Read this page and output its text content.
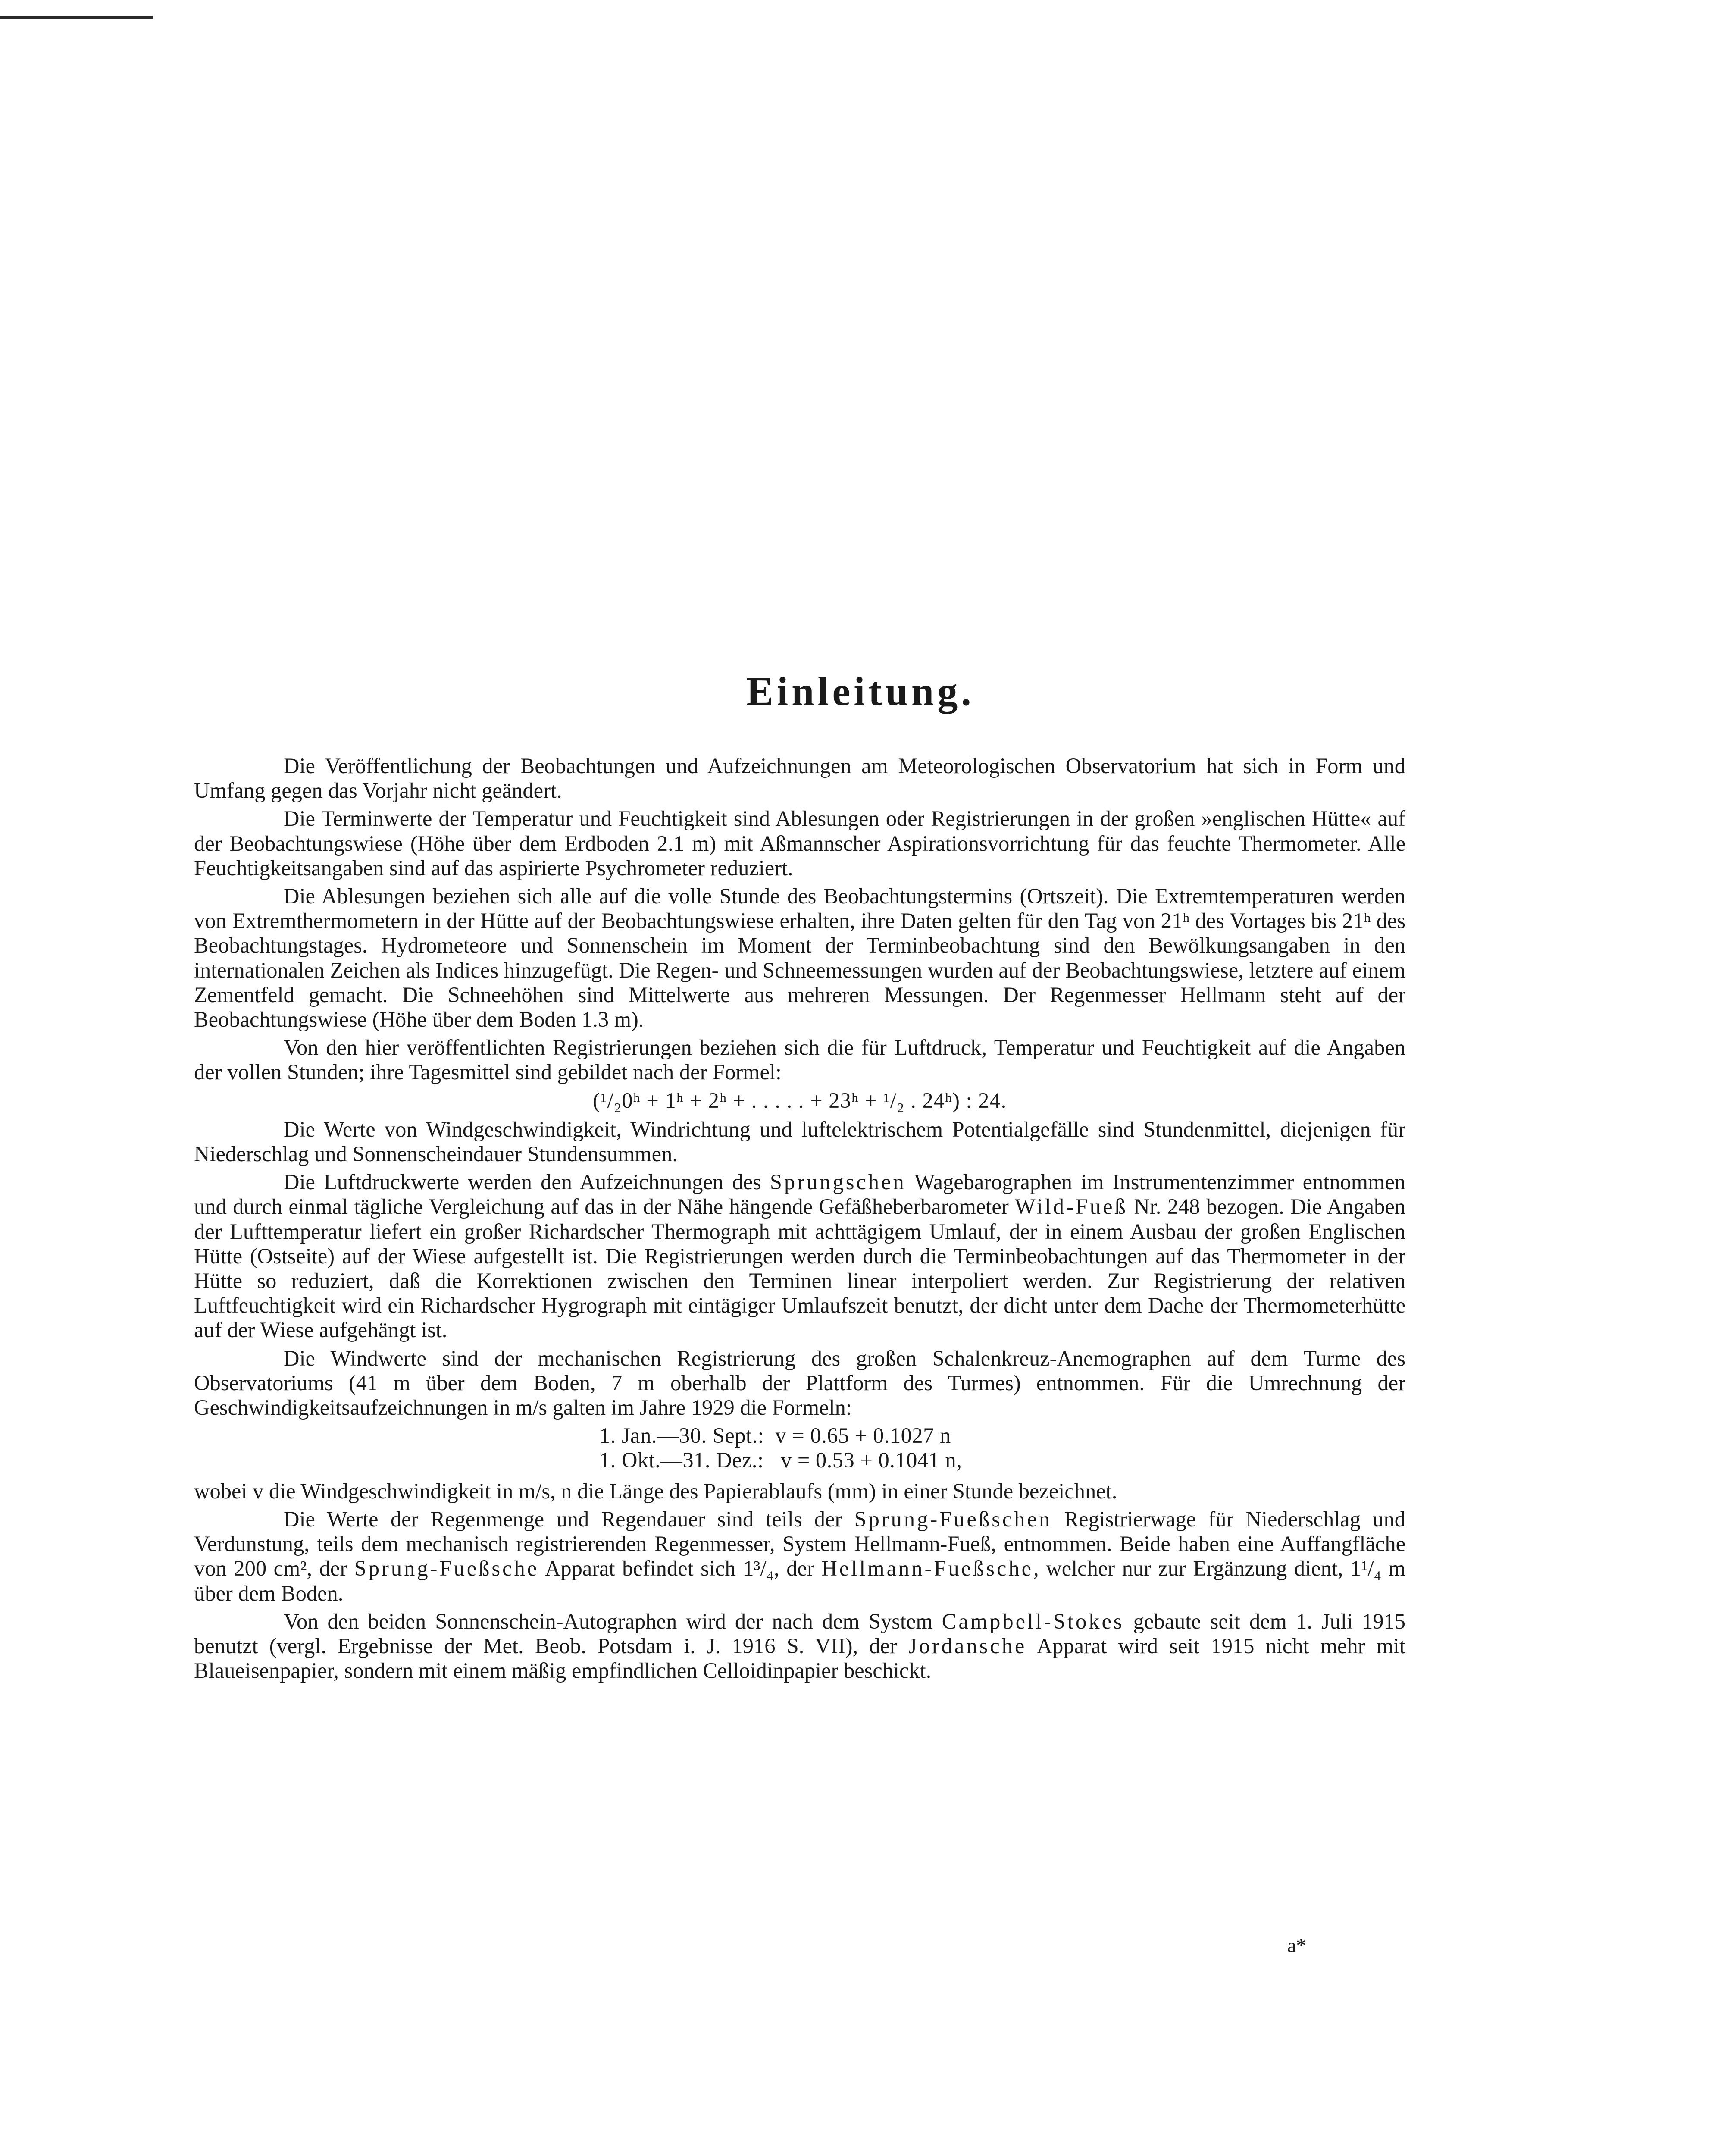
Einleitung.

Die Veröffentlichung der Beobachtungen und Aufzeichnungen am Meteorologischen Observatorium hat sich in Form und Umfang gegen das Vorjahr nicht geändert.

Die Terminwerte der Temperatur und Feuchtigkeit sind Ablesungen oder Registrierungen in der großen »englischen Hütte« auf der Beobachtungswiese (Höhe über dem Erdboden 2.1 m) mit Aßmannscher Aspirationsvorrichtung für das feuchte Thermometer. Alle Feuchtigkeitsangaben sind auf das aspirierte Psychrometer reduziert.

Die Ablesungen beziehen sich alle auf die volle Stunde des Beobachtungstermins (Ortszeit). Die Extremtemperaturen werden von Extremthermometern in der Hütte auf der Beobachtungswiese erhalten, ihre Daten gelten für den Tag von 21ʰ des Vortages bis 21ʰ des Beobachtungstages. Hydrometeore und Sonnenschein im Moment der Terminbeobachtung sind den Bewölkungsangaben in den internationalen Zeichen als Indices hinzugefügt. Die Regen- und Schneemessungen wurden auf der Beobachtungswiese, letztere auf einem Zementfeld gemacht. Die Schneehöhen sind Mittelwerte aus mehreren Messungen. Der Regenmesser Hellmann steht auf der Beobachtungswiese (Höhe über dem Boden 1.3 m).

Von den hier veröffentlichten Registrierungen beziehen sich die für Luftdruck, Temperatur und Feuchtigkeit auf die Angaben der vollen Stunden; ihre Tagesmittel sind gebildet nach der Formel:

(¹/₂0ʰ + 1ʰ + 2ʰ + . . . . . + 23ʰ + ¹/₂ . 24ʰ) : 24.

Die Werte von Windgeschwindigkeit, Windrichtung und luftelektrischem Potentialgefälle sind Stundenmittel, diejenigen für Niederschlag und Sonnenscheindauer Stundensummen.

Die Luftdruckwerte werden den Aufzeichnungen des Sprungschen Wagebarographen im Instrumentenzimmer entnommen und durch einmal tägliche Vergleichung auf das in der Nähe hängende Gefäßheberbarometer Wild-Fueß Nr. 248 bezogen. Die Angaben der Lufttemperatur liefert ein großer Richardscher Thermograph mit achttägigem Umlauf, der in einem Ausbau der großen Englischen Hütte (Ostseite) auf der Wiese aufgestellt ist. Die Registrierungen werden durch die Terminbeobachtungen auf das Thermometer in der Hütte so reduziert, daß die Korrektionen zwischen den Terminen linear interpoliert werden. Zur Registrierung der relativen Luftfeuchtigkeit wird ein Richardscher Hygrograph mit eintägiger Umlaufszeit benutzt, der dicht unter dem Dache der Thermometerhütte auf der Wiese aufgehängt ist.

Die Windwerte sind der mechanischen Registrierung des großen Schalenkreuz-Anemographen auf dem Turme des Observatoriums (41 m über dem Boden, 7 m oberhalb der Plattform des Turmes) entnommen. Für die Umrechnung der Geschwindigkeitsaufzeichnungen in m/s galten im Jahre 1929 die Formeln:

1. Jan.—30. Sept.:  v = 0.65 + 0.1027 n
1. Okt.—31. Dez.:   v = 0.53 + 0.1041 n,

wobei v die Windgeschwindigkeit in m/s, n die Länge des Papierablaufs (mm) in einer Stunde bezeichnet.

Die Werte der Regenmenge und Regendauer sind teils der Sprung-Fueßschen Registrierwage für Niederschlag und Verdunstung, teils dem mechanisch registrierenden Regenmesser, System Hellmann-Fueß, entnommen. Beide haben eine Auffangfläche von 200 cm², der Sprung-Fueßsche Apparat befindet sich 1³/₄, der Hellmann-Fueßsche, welcher nur zur Ergänzung dient, 1¹/₄ m über dem Boden.

Von den beiden Sonnenschein-Autographen wird der nach dem System Campbell-Stokes gebaute seit dem 1. Juli 1915 benutzt (vergl. Ergebnisse der Met. Beob. Potsdam i. J. 1916 S. VII), der Jordansche Apparat wird seit 1915 nicht mehr mit Blaueisenpapier, sondern mit einem mäßig empfindlichen Celloidinpapier beschickt.

a*
